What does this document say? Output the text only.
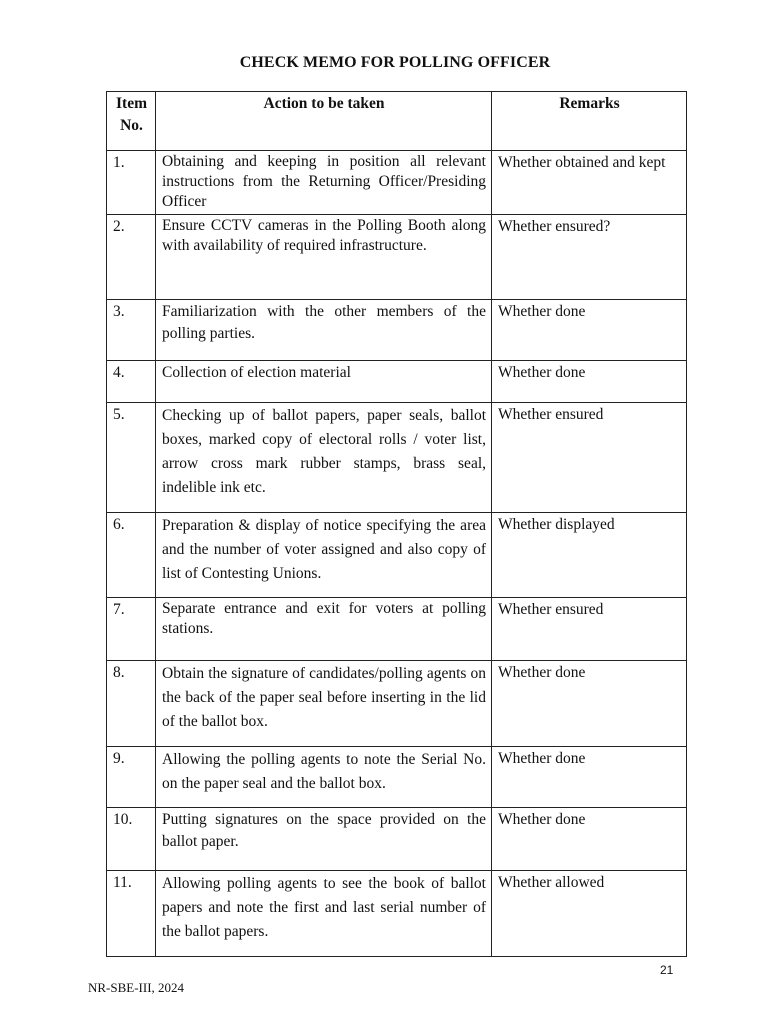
CHECK MEMO FOR POLLING OFFICER
Item No.	Action to be taken	Remarks
1.	Obtaining and keeping in position all relevant instructions from the Returning Officer/Presiding Officer	Whether obtained and kept
2.	Ensure CCTV cameras in the Polling Booth along with availability of required infrastructure.	Whether ensured?
3.	Familiarization with the other members of the polling parties.	Whether done
4.	Collection of election material	Whether done
5.	Checking up of ballot papers, paper seals, ballot boxes, marked copy of electoral rolls / voter list, arrow cross mark rubber stamps, brass seal, indelible ink etc.	Whether ensured
6.	Preparation & display of notice specifying the area and the number of voter assigned and also copy of list of Contesting Unions.	Whether displayed
7.	Separate entrance and exit for voters at polling stations.	Whether ensured
8.	Obtain the signature of candidates/polling agents on the back of the paper seal before inserting in the lid of the ballot box.	Whether done
9.	Allowing the polling agents to note the Serial No. on the paper seal and the ballot box.	Whether done
10.	Putting signatures on the space provided on the ballot paper.	Whether done
11.	Allowing polling agents to see the book of ballot papers and note the first and last serial number of the ballot papers.	Whether allowed
21
NR-SBE-III, 2024
